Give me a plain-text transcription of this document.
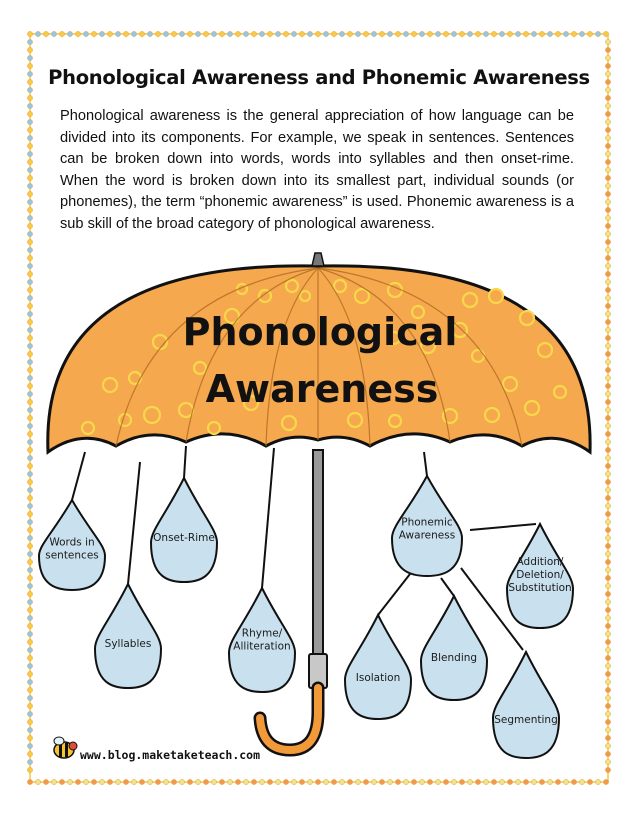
Phonological Awareness and Phonemic Awareness

Phonological awareness is the general appreciation of how language can be divided into its components. For example, we speak in sentences. Sentences can be broken down into words, words into syllables and then onset-rime. When the word is broken down into its smallest part, individual sounds (or phonemes), the term “phonemic awareness” is used. Phonemic awareness is a sub skill of the broad category of phonological awareness.

Phonological
Awareness
Words in
sentences
Onset-Rime
Syllables
Rhyme/
Alliteration
Phonemic
Awareness
Addition/
Deletion/
Substitution
Isolation
Blending
Segmenting
www.blog.maketaketeach.com
